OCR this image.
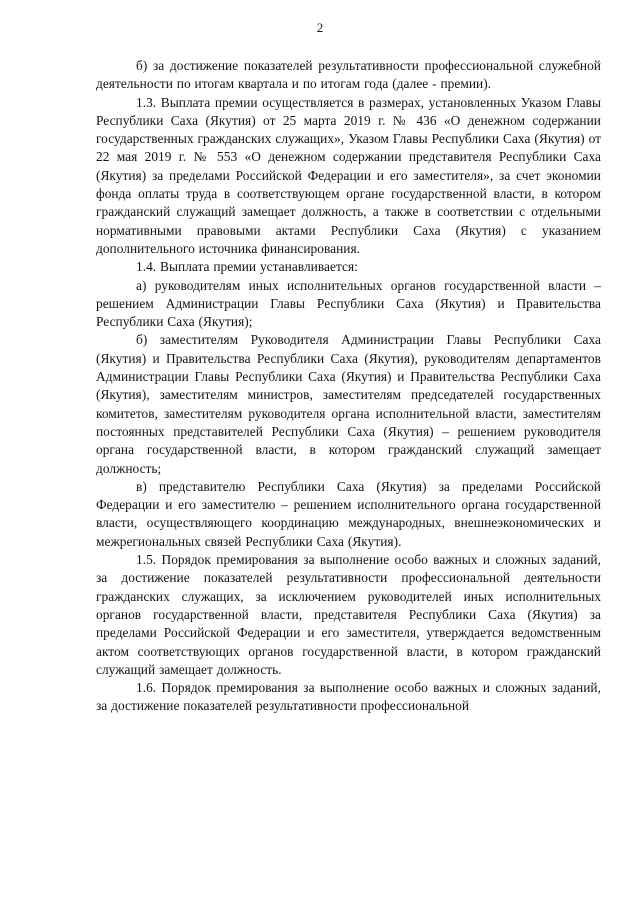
2

б) за достижение показателей результативности профессиональной служебной деятельности по итогам квартала и по итогам года (далее - премии).

1.3. Выплата премии осуществляется в размерах, установленных Указом Главы Республики Саха (Якутия) от 25 марта 2019 г. № 436 «О денежном содержании государственных гражданских служащих», Указом Главы Республики Саха (Якутия) от 22 мая 2019 г. № 553 «О денежном содержании представителя Республики Саха (Якутия) за пределами Российской Федерации и его заместителя», за счет экономии фонда оплаты труда в соответствующем органе государственной власти, в котором гражданский служащий замещает должность, а также в соответствии с отдельными нормативными правовыми актами Республики Саха (Якутия) с указанием дополнительного источника финансирования.

1.4. Выплата премии устанавливается:

а) руководителям иных исполнительных органов государственной власти – решением Администрации Главы Республики Саха (Якутия) и Правительства Республики Саха (Якутия);

б) заместителям Руководителя Администрации Главы Республики Саха (Якутия) и Правительства Республики Саха (Якутия), руководителям департаментов Администрации Главы Республики Саха (Якутия) и Правительства Республики Саха (Якутия), заместителям министров, заместителям председателей государственных комитетов, заместителям руководителя органа исполнительной власти, заместителям постоянных представителей Республики Саха (Якутия) – решением руководителя органа государственной власти, в котором гражданский служащий замещает должность;

в) представителю Республики Саха (Якутия) за пределами Российской Федерации и его заместителю – решением исполнительного органа государственной власти, осуществляющего координацию международных, внешнеэкономических и межрегиональных связей Республики Саха (Якутия).

1.5. Порядок премирования за выполнение особо важных и сложных заданий, за достижение показателей результативности профессиональной деятельности гражданских служащих, за исключением руководителей иных исполнительных органов государственной власти, представителя Республики Саха (Якутия) за пределами Российской Федерации и его заместителя, утверждается ведомственным актом соответствующих органов государственной власти, в котором гражданский служащий замещает должность.

1.6. Порядок премирования за выполнение особо важных и сложных заданий, за достижение показателей результативности профессиональной
